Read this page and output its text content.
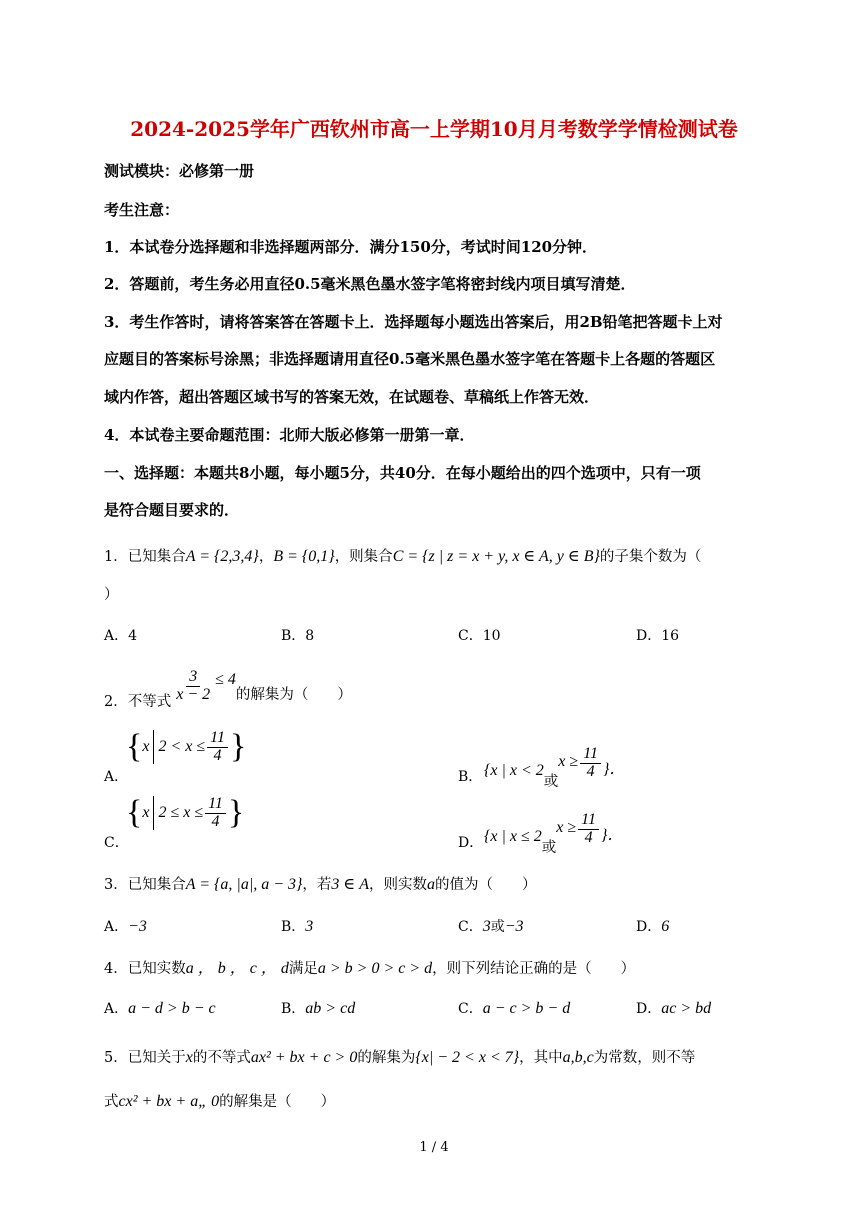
2024-2025学年广西钦州市高一上学期10月月考数学学情检测试卷
测试模块：必修第一册
考生注意：
1．本试卷分选择题和非选择题两部分．满分150分，考试时间120分钟．
2．答题前，考生务必用直径0.5毫米黑色墨水签字笔将密封线内项目填写清楚．
3．考生作答时，请将答案答在答题卡上．选择题每小题选出答案后，用2B铅笔把答题卡上对
应题目的答案标号涂黑；非选择题请用直径0.5毫米黑色墨水签字笔在答题卡上各题的答题区
域内作答，超出答题区域书写的答案无效，在试题卷、草稿纸上作答无效．
4．本试卷主要命题范围：北师大版必修第一册第一章．
一、选择题：本题共8小题，每小题5分，共40分．在每小题给出的四个选项中，只有一项
是符合题目要求的．
1．已知集合A = {2,3,4}，B = {0,1}，则集合C = {z | z = x + y, x ∈ A, y ∈ B}的子集个数为（
）
A．4	B．8	C．10	D．16
2．不等式 $\frac{3}{x - 2} \le 4$
的解集为（　　）
A．
{ x $2 < x \le \frac{11}{4}$ }
B． {x | x < 2
或
$x \ge \frac{11}{4}$ }．
C．
{ x $2 \le x \le \frac{11}{4}$ }
D． {x | x ≤ 2
或
$x \ge \frac{11}{4}$ }．
3．已知集合A = {a, |a|, a − 3}，若3 ∈ A，则实数a的值为（　　）
A．−3	B．3	C．3或−3	D．6
4．已知实数a ， b ， c ， d满足a > b > 0 > c > d，则下列结论正确的是（　　）
A．a − d > b − c	B．ab > cd	C．a − c > b − d	D．ac > bd
5．已知关于x的不等式ax² + bx + c > 0的解集为{x| − 2 < x < 7}，其中a,b,c为常数，则不等
式cx² + bx + a„ 0的解集是（　　）
1 / 4
